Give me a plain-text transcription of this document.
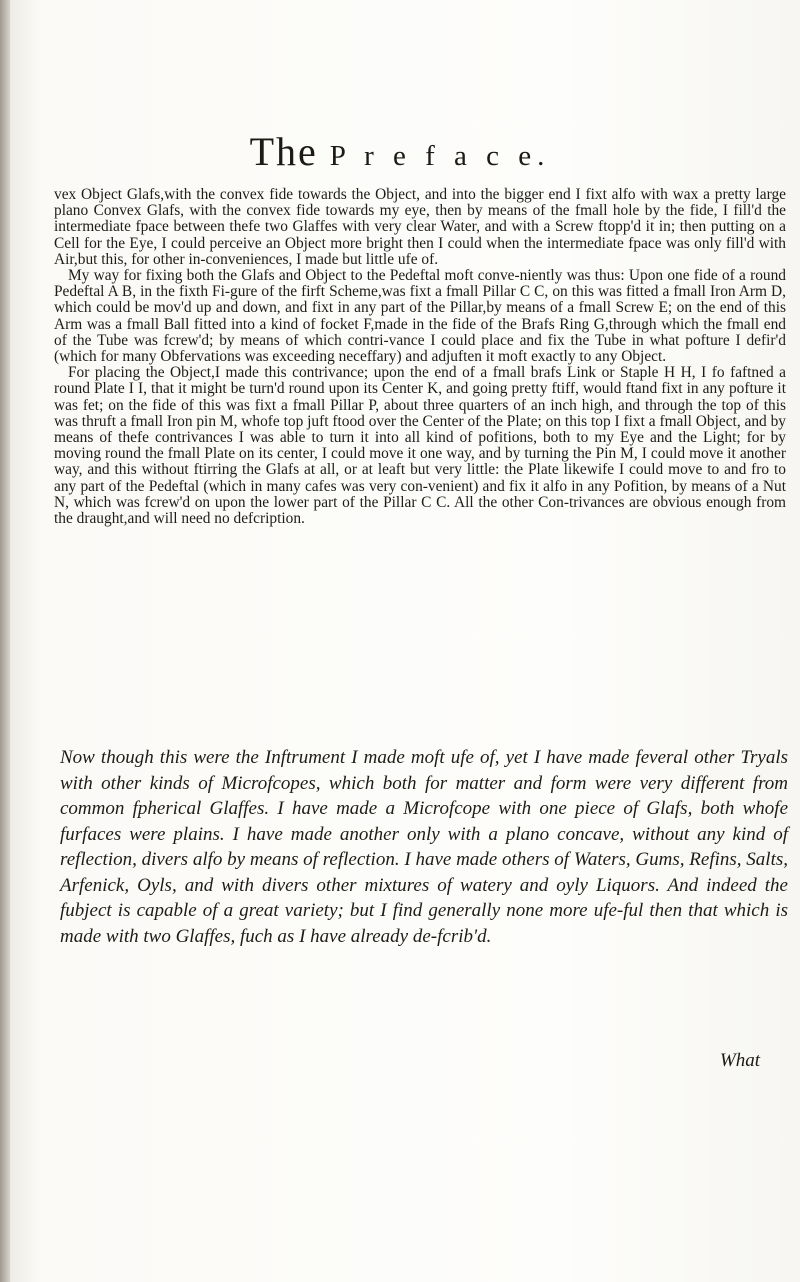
The P r e f a c e.

vex Object Glafs,with the convex fide towards the Object, and into the bigger end I fixt alfo with wax a pretty large plano Convex Glafs, with the convex fide towards my eye, then by means of the fmall hole by the fide, I fill'd the intermediate fpace between thefe two Glaffes with very clear Water, and with a Screw ftopp'd it in; then putting on a Cell for the Eye, I could perceive an Object more bright then I could when the intermediate fpace was only fill'd with Air,but this, for other in-conveniences, I made but little ufe of.

My way for fixing both the Glafs and Object to the Pedeftal moft conve-niently was thus: Upon one fide of a round Pedeftal A B, in the fixth Fi-gure of the firft Scheme,was fixt a fmall Pillar C C, on this was fitted a fmall Iron Arm D, which could be mov'd up and down, and fixt in any part of the Pillar,by means of a fmall Screw E; on the end of this Arm was a fmall Ball fitted into a kind of focket F,made in the fide of the Brafs Ring G,through which the fmall end of the Tube was fcrew'd; by means of which contri-vance I could place and fix the Tube in what pofture I defir'd (which for many Obfervations was exceeding neceffary) and adjuften it moft exactly to any Object.

For placing the Object,I made this contrivance; upon the end of a fmall brafs Link or Staple H H, I fo faftned a round Plate I I, that it might be turn'd round upon its Center K, and going pretty ftiff, would ftand fixt in any pofture it was fet; on the fide of this was fixt a fmall Pillar P, about three quarters of an inch high, and through the top of this was thruft a fmall Iron pin M, whofe top juft ftood over the Center of the Plate; on this top I fixt a fmall Object, and by means of thefe contrivances I was able to turn it into all kind of pofitions, both to my Eye and the Light; for by moving round the fmall Plate on its center, I could move it one way, and by turning the Pin M, I could move it another way, and this without ftirring the Glafs at all, or at leaft but very little: the Plate likewife I could move to and fro to any part of the Pedeftal (which in many cafes was very con-venient) and fix it alfo in any Pofition, by means of a Nut N, which was fcrew'd on upon the lower part of the Pillar C C. All the other Con-trivances are obvious enough from the draught,and will need no defcription.

Now though this were the Inftrument I made moft ufe of, yet I have made feveral other Tryals with other kinds of Microfcopes, which both for matter and form were very different from common fpherical Glaffes. I have made a Microfcope with one piece of Glafs, both whofe furfaces were plains. I have made another only with a plano concave, without any kind of reflection, divers alfo by means of reflection. I have made others of Waters, Gums, Refins, Salts, Arfenick, Oyls, and with divers other mixtures of watery and oyly Liquors. And indeed the fubject is capable of a great variety; but I find generally none more ufe-ful then that which is made with two Glaffes, fuch as I have already de-fcrib'd.
What
